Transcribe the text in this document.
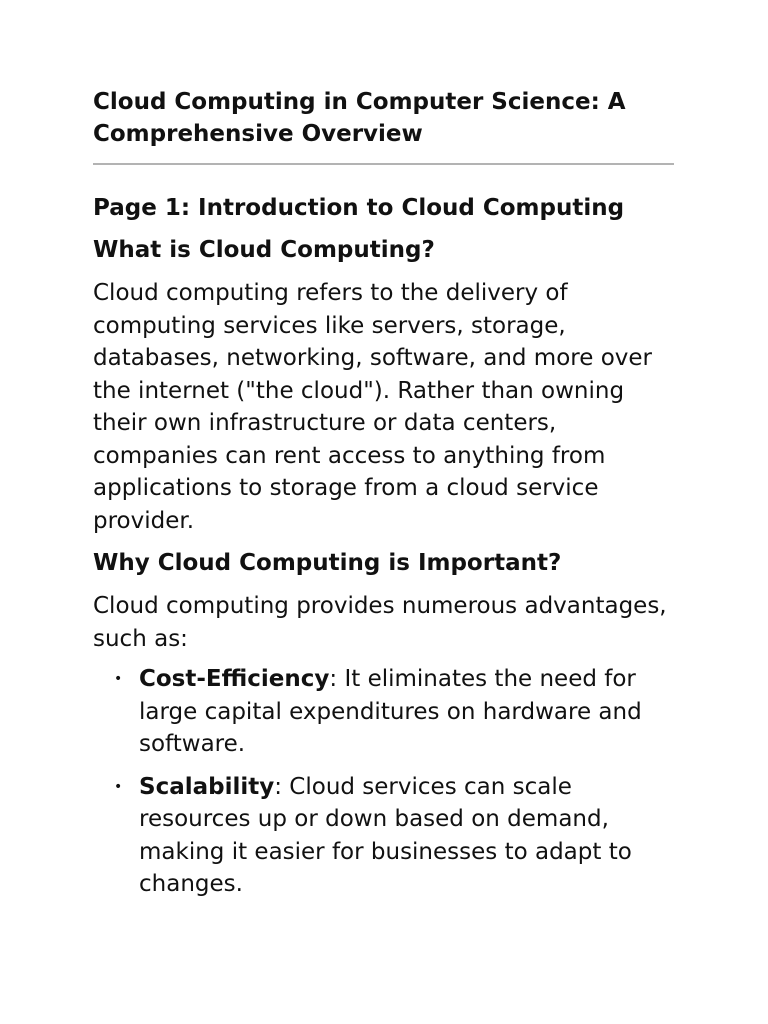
Cloud Computing in Computer Science: A Comprehensive Overview
Page 1: Introduction to Cloud Computing
What is Cloud Computing?

Cloud computing refers to the delivery of computing services like servers, storage, databases, networking, software, and more over the internet ("the cloud"). Rather than owning their own infrastructure or data centers, companies can rent access to anything from applications to storage from a cloud service provider.

Why Cloud Computing is Important?

Cloud computing provides numerous advantages, such as:

• Cost-Efficiency: It eliminates the need for large capital expenditures on hardware and software.
• Scalability: Cloud services can scale resources up or down based on demand, making it easier for businesses to adapt to changes.
